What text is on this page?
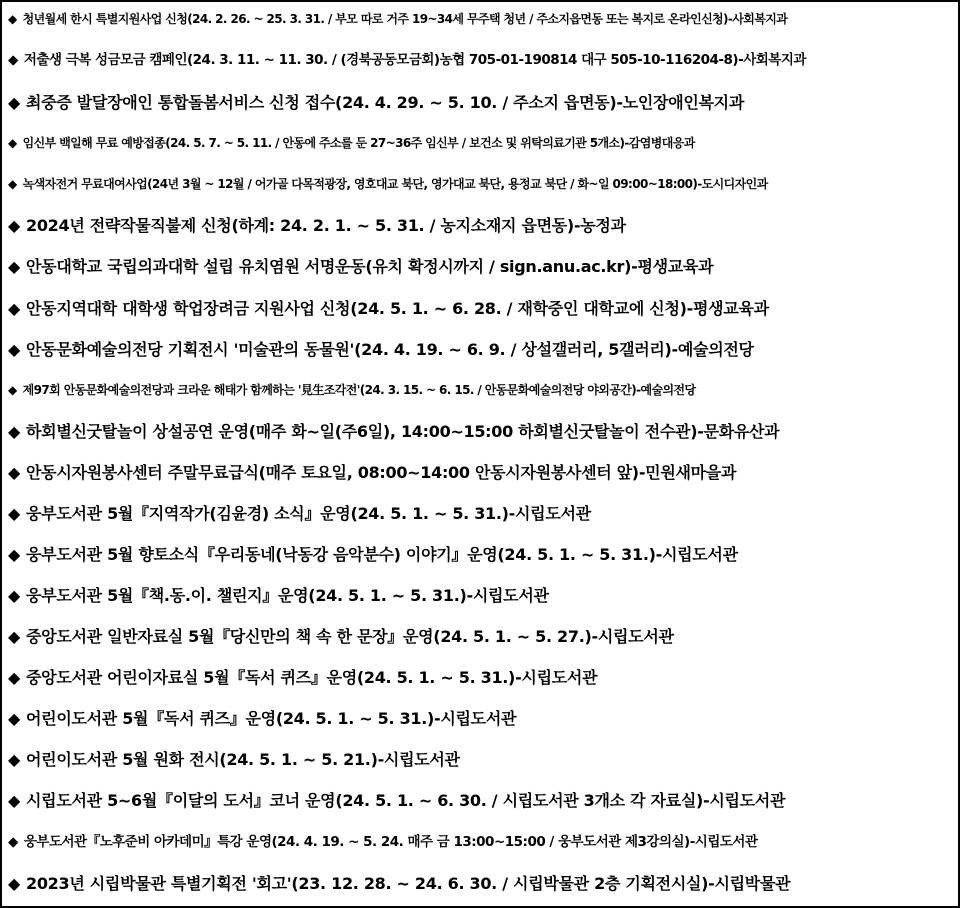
◆ 청년월세 한시 특별지원사업 신청(24. 2. 26. ~ 25. 3. 31. / 부모 따로 거주 19~34세 무주택 청년 / 주소지읍면동 또는 복지로 온라인신청)-사회복지과
◆ 저출생 극복 성금모금 캠페인(24. 3. 11. ~ 11. 30. / (경북공동모금회)농협 705-01-190814 대구 505-10-116204-8)-사회복지과
◆ 최중증 발달장애인 통합돌봄서비스 신청 접수(24. 4. 29. ~ 5. 10. / 주소지 읍면동)-노인장애인복지과
◆ 임신부 백일해 무료 예방접종(24. 5. 7. ~ 5. 11. / 안동에 주소를 둔 27~36주 임신부 / 보건소 및 위탁의료기관 5개소)-감염병대응과
◆ 녹색자전거 무료대여사업(24년 3월 ~ 12월 / 어가골 다목적광장, 영호대교 북단, 영가대교 북단, 용정교 북단 / 화~일 09:00~18:00)-도시디자인과
◆ 2024년 전략작물직불제 신청(하계: 24. 2. 1. ~ 5. 31. / 농지소재지 읍면동)-농정과
◆ 안동대학교 국립의과대학 설립 유치염원 서명운동(유치 확정시까지 / sign.anu.ac.kr)-평생교육과
◆ 안동지역대학 대학생 학업장려금 지원사업 신청(24. 5. 1. ~ 6. 28. / 재학중인 대학교에 신청)-평생교육과
◆ 안동문화예술의전당 기획전시 '미술관의 동물원'(24. 4. 19. ~ 6. 9. / 상설갤러리, 5갤러리)-예술의전당
◆ 제97회 안동문화예술의전당과 크라운 해태가 함께하는 '見生조각전'(24. 3. 15. ~ 6. 15. / 안동문화예술의전당 야외공간)-예술의전당
◆ 하회별신굿탈놀이 상설공연 운영(매주 화~일(주6일), 14:00~15:00 하회별신굿탈놀이 전수관)-문화유산과
◆ 안동시자원봉사센터 주말무료급식(매주 토요일, 08:00~14:00 안동시자원봉사센터 앞)-민원새마을과
◆ 웅부도서관 5월『지역작가(김윤경) 소식』운영(24. 5. 1. ~ 5. 31.)-시립도서관
◆ 웅부도서관 5월 향토소식『우리동네(낙동강 음악분수) 이야기』운영(24. 5. 1. ~ 5. 31.)-시립도서관
◆ 웅부도서관 5월『책.동.이. 챌린지』운영(24. 5. 1. ~ 5. 31.)-시립도서관
◆ 중앙도서관 일반자료실 5월『당신만의 책 속 한 문장』운영(24. 5. 1. ~ 5. 27.)-시립도서관
◆ 중앙도서관 어린이자료실 5월『독서 퀴즈』운영(24. 5. 1. ~ 5. 31.)-시립도서관
◆ 어린이도서관 5월『독서 퀴즈』운영(24. 5. 1. ~ 5. 31.)-시립도서관
◆ 어린이도서관 5월 원화 전시(24. 5. 1. ~ 5. 21.)-시립도서관
◆ 시립도서관 5~6월『이달의 도서』코너 운영(24. 5. 1. ~ 6. 30. / 시립도서관 3개소 각 자료실)-시립도서관
◆ 웅부도서관『노후준비 아카데미』특강 운영(24. 4. 19. ~ 5. 24. 매주 금 13:00~15:00 / 웅부도서관 제3강의실)-시립도서관
◆ 2023년 시립박물관 특별기획전 '회고'(23. 12. 28. ~ 24. 6. 30. / 시립박물관 2층 기획전시실)-시립박물관
